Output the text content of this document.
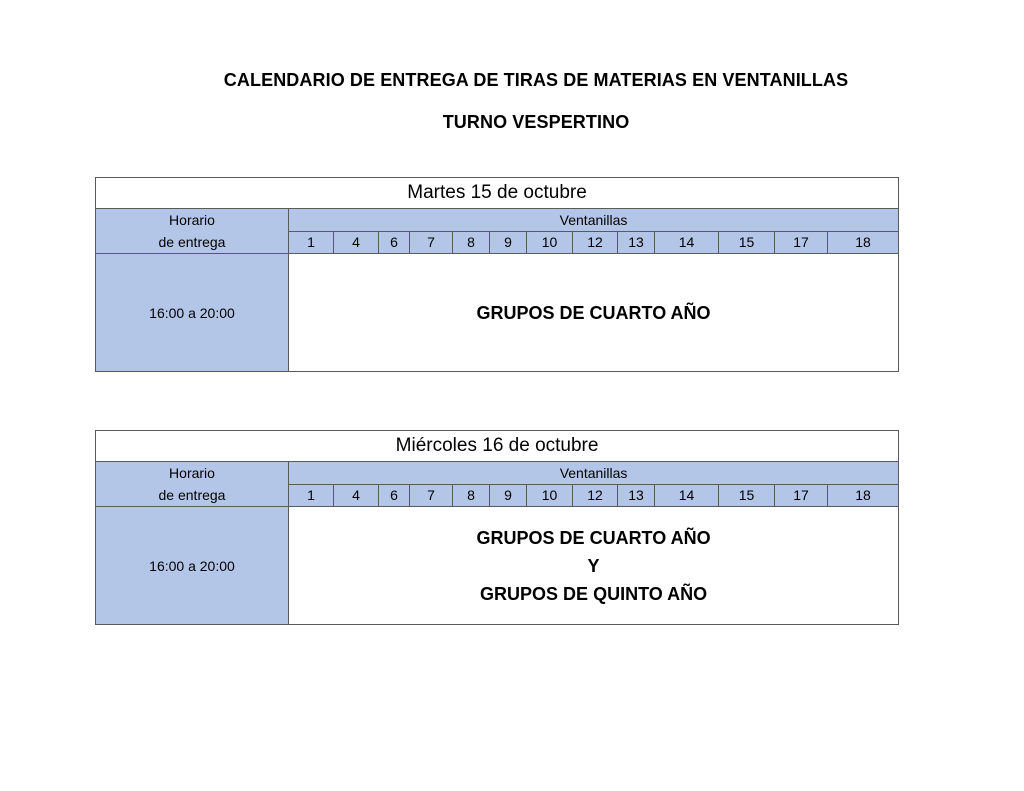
CALENDARIO DE ENTREGA DE TIRAS DE MATERIAS EN VENTANILLAS
TURNO VESPERTINO
Martes 15 de octubre													

Horario
de entrega	Ventanillas												
	1	4	6	7	8	9	10	12	13	14	15	17	18
16:00 a 20:00	GRUPOS DE CUARTO AÑO												
Miércoles 16 de octubre													

Horario
de entrega	Ventanillas												
	1	4	6	7	8	9	10	12	13	14	15	17	18
16:00 a 20:00	GRUPOS DE CUARTO AÑO
Y
GRUPOS DE QUINTO AÑO												
